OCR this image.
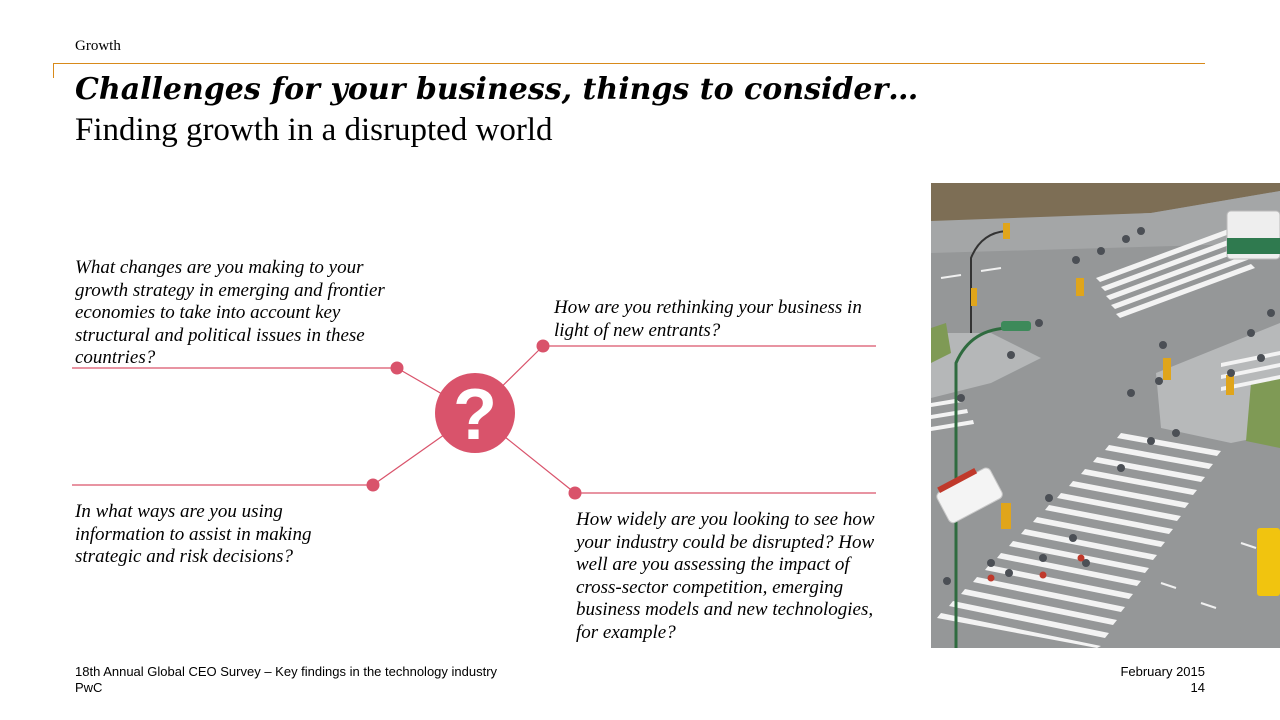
Growth
Challenges for your business, things to consider…
Finding growth in a disrupted world
?
What changes are you making to your growth strategy in emerging and frontier economies to take into account key structural and political issues in these countries?
How are you rethinking your business in light of new entrants?
In what ways are you using information to assist in making strategic and risk decisions?
How widely are you looking to see how your industry could be disrupted? How well are you assessing the impact of cross-sector competition, emerging business models and new technologies, for example?
18th Annual Global CEO Survey – Key findings in the technology industry
PwC
February 2015
14
